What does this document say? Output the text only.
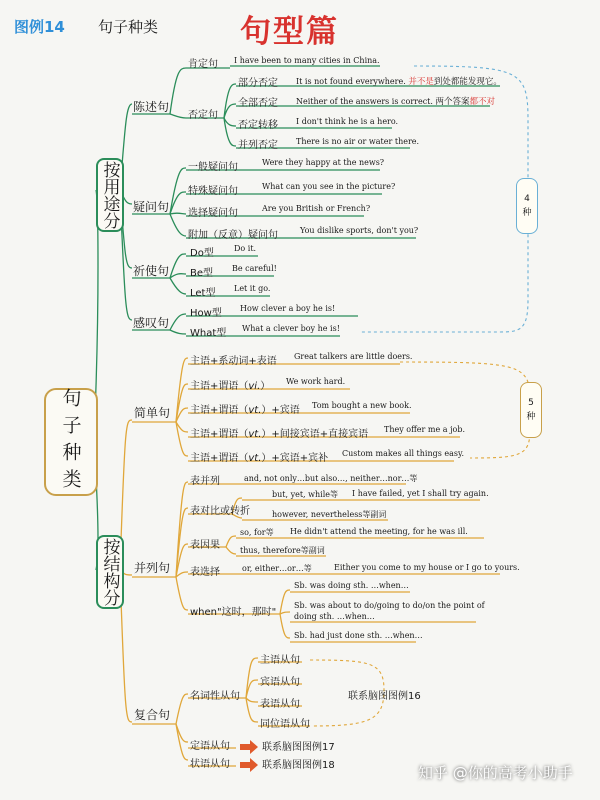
图例14 句子种类	句型篇
句子种类
按用途分
按结构分
陈述句
疑问句
祈使句
感叹句
肯定句 I have been to many cities in China.
否定句
部分否定 It is not found everywhere. 并不是到处都能发现它。
全部否定 Neither of the answers is correct. 两个答案都不对
否定转移 I don't think he is a hero.
并列否定 There is no air or water there.
一般疑问句	Were they happy at the news?
特殊疑问句	What can you see in the picture?
选择疑问句	Are you British or French?
附加（反意）疑问句	You dislike sports, don't you?
Do型	Do it.
Be型 Be careful!
Let型 Let it go.
How型 How clever a boy he is!
What型 What a clever boy he is!
4
种
简单句
并列句
复合句
主语+系动词+表语 Great talkers are little doers.
主语+谓语（vi.） We work hard.
主语+谓语（vt.）+宾语 Tom bought a new book.
主语+谓语（vt.）+间接宾语+直接宾语 They offer me a job.
主语+谓语（vt.）+宾语+宾补 Custom makes all things easy.
5
种
表并列	and, not only…but also…, neither…nor…等
表对比或转折
but, yet, while等 I have failed, yet I shall try again.
however, nevertheless等副词
表因果
so, for等 He didn't attend the meeting, for he was ill.
thus, therefore等副词
表选择	or, either…or…等	Either you come to my house or I go to yours.
when"这时，那时"
Sb. was doing sth. …when…
Sb. was about to do/going to do/on the point of
doing sth. …when…
Sb. had just done sth. …when…
名词性从句
主语从句
宾语从句
表语从句
同位语从句
联系脑图图例16
定语从句	联系脑图图例17
状语从句	联系脑图图例18	知乎 @你的高考小助手
